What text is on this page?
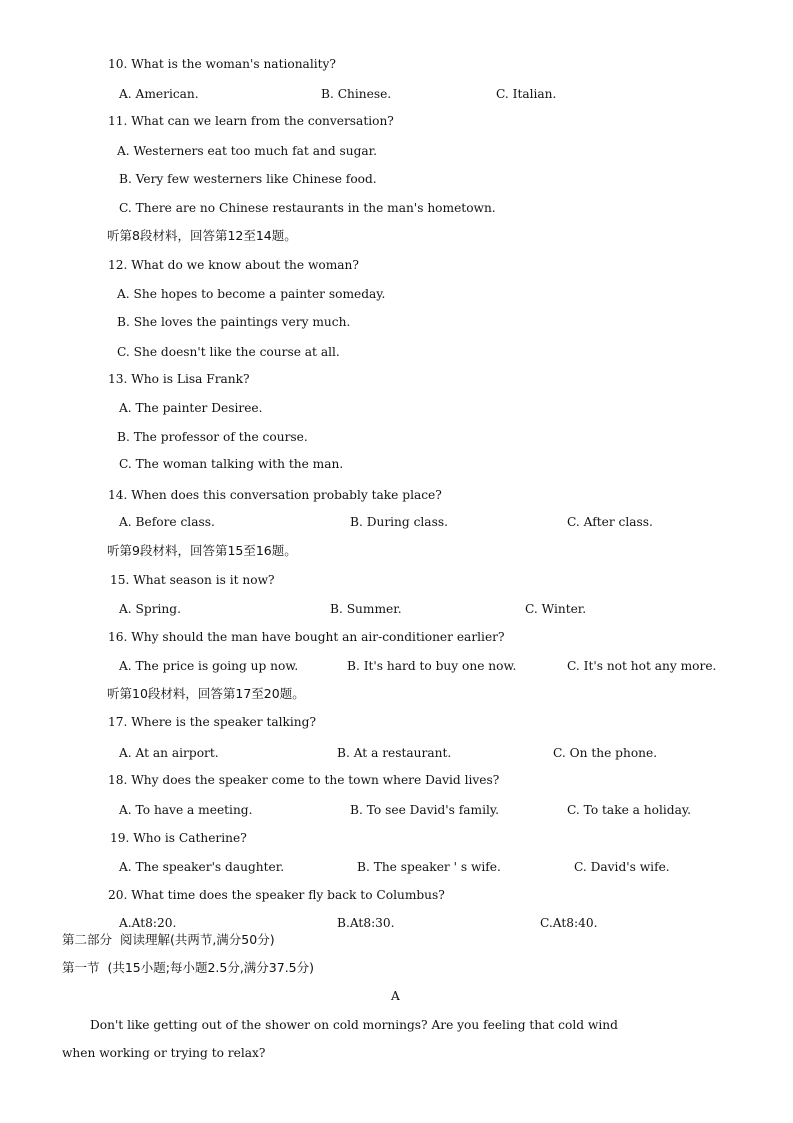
10. What is the woman's nationality?
A. American.	B. Chinese.	C. Italian.
11. What can we learn from the conversation?
A. Westerners eat too much fat and sugar.
B. Very few westerners like Chinese food.
C. There are no Chinese restaurants in the man's hometown.
听第8段材料，回答第12至14题。
12. What do we know about the woman?
A. She hopes to become a painter someday.
B. She loves the paintings very much.
C. She doesn't like the course at all.
13. Who is Lisa Frank?
A. The painter Desiree.
B. The professor of the course.
C. The woman talking with the man.
14. When does this conversation probably take place?
A. Before class.	B. During class.	C. After class.
听第9段材料，回答第15至16题。
15. What season is it now?
A. Spring.	B. Summer.	C. Winter.
16. Why should the man have bought an air-conditioner earlier?
A. The price is going up now.	B. It's hard to buy one now.	C. It's not hot any more.
听第10段材料，回答第17至20题。
17. Where is the speaker talking?
A. At an airport.	B. At a restaurant.	C. On the phone.
18. Why does the speaker come to the town where David lives?
A. To have a meeting.	B. To see David's family.	C. To take a holiday.
19. Who is Catherine?
A. The speaker's daughter.	B. The speaker ' s wife.	C. David's wife.
20. What time does the speaker fly back to Columbus?
A.At8:20.	B.At8:30.	C.At8:40.
第二部分  阅读理解(共两节,满分50分)
第一节  (共15小题;每小题2.5分,满分37.5分)
A
Don't like getting out of the shower on cold mornings? Are you feeling that cold wind
when working or trying to relax?
